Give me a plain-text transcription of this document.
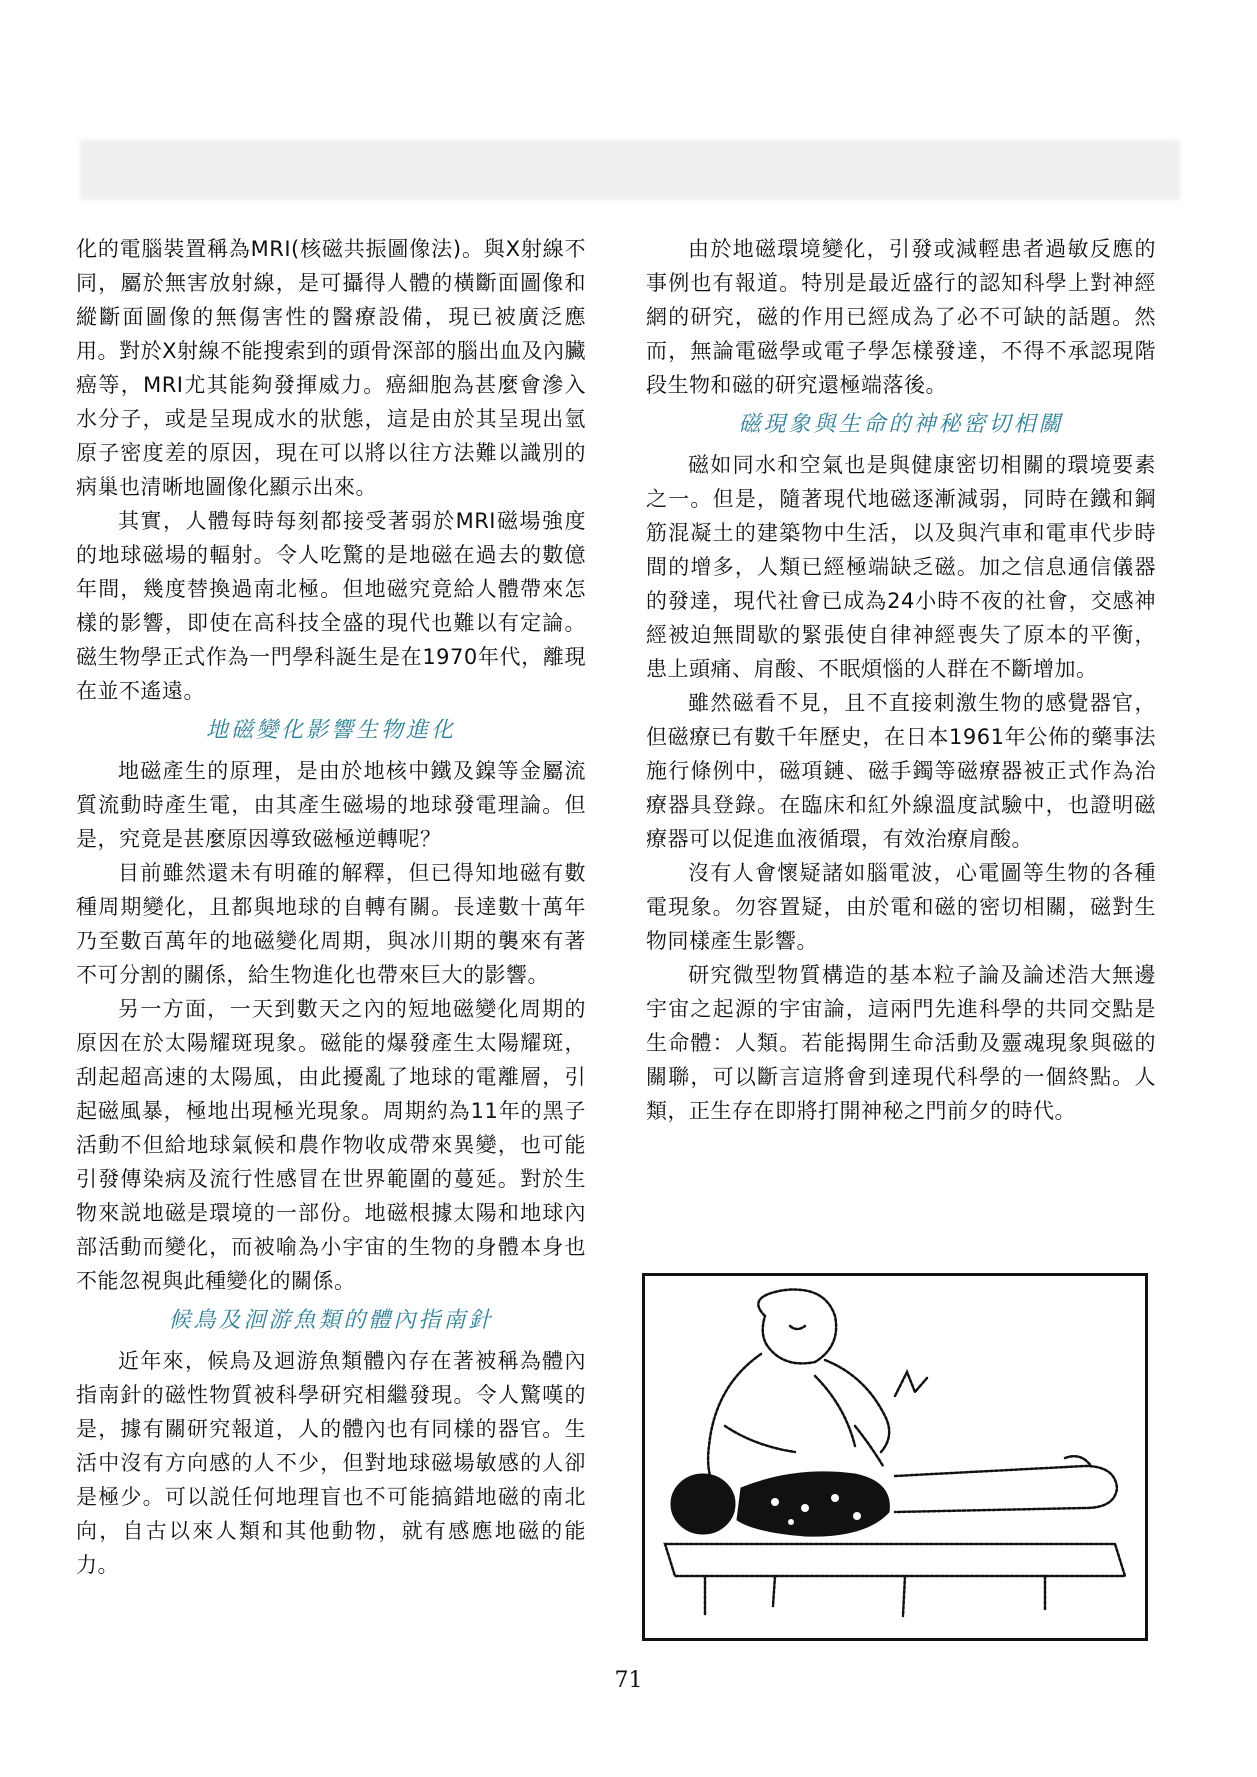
化的電腦裝置稱為MRI(核磁共振圖像法)。與X射線不同，屬於無害放射線，是可攝得人體的橫斷面圖像和縱斷面圖像的無傷害性的醫療設備，現已被廣泛應用。對於X射線不能搜索到的頭骨深部的腦出血及內臟癌等，MRI尤其能夠發揮威力。癌細胞為甚麼會滲入水分子，或是呈現成水的狀態，這是由於其呈現出氫原子密度差的原因，現在可以將以往方法難以識別的病巢也清晰地圖像化顯示出來。

其實，人體每時每刻都接受著弱於MRI磁場強度的地球磁場的輻射。令人吃驚的是地磁在過去的數億年間，幾度替換過南北極。但地磁究竟給人體帶來怎樣的影響，即使在高科技全盛的現代也難以有定論。磁生物學正式作為一門學科誕生是在1970年代，離現在並不遙遠。

地磁變化影響生物進化

地磁產生的原理，是由於地核中鐵及鎳等金屬流質流動時產生電，由其產生磁場的地球發電理論。但是，究竟是甚麼原因導致磁極逆轉呢？

目前雖然還未有明確的解釋，但已得知地磁有數種周期變化，且都與地球的自轉有關。長達數十萬年乃至數百萬年的地磁變化周期，與冰川期的襲來有著不可分割的關係，給生物進化也帶來巨大的影響。

另一方面，一天到數天之內的短地磁變化周期的原因在於太陽耀斑現象。磁能的爆發產生太陽耀斑，刮起超高速的太陽風，由此擾亂了地球的電離層，引起磁風暴，極地出現極光現象。周期約為11年的黑子活動不但給地球氣候和農作物收成帶來異變，也可能引發傳染病及流行性感冒在世界範圍的蔓延。對於生物來説地磁是環境的一部份。地磁根據太陽和地球內部活動而變化，而被喻為小宇宙的生物的身體本身也不能忽視與此種變化的關係。

候鳥及洄游魚類的體內指南針

近年來，候鳥及迴游魚類體內存在著被稱為體內指南針的磁性物質被科學研究相繼發現。令人驚嘆的是，據有關研究報道，人的體內也有同樣的器官。生活中沒有方向感的人不少，但對地球磁場敏感的人卻是極少。可以説任何地理盲也不可能搞錯地磁的南北向，自古以來人類和其他動物，就有感應地磁的能力。

由於地磁環境變化，引發或減輕患者過敏反應的事例也有報道。特別是最近盛行的認知科學上對神經網的研究，磁的作用已經成為了必不可缺的話題。然而，無論電磁學或電子學怎樣發達，不得不承認現階段生物和磁的研究還極端落後。

磁現象與生命的神秘密切相關

磁如同水和空氣也是與健康密切相關的環境要素之一。但是，隨著現代地磁逐漸減弱，同時在鐵和鋼筋混凝土的建築物中生活，以及與汽車和電車代步時間的增多，人類已經極端缺乏磁。加之信息通信儀器的發達，現代社會已成為24小時不夜的社會，交感神經被迫無間歇的緊張使自律神經喪失了原本的平衡，患上頭痛、肩酸、不眠煩惱的人群在不斷增加。

雖然磁看不見，且不直接刺激生物的感覺器官，但磁療已有數千年歷史，在日本1961年公佈的藥事法施行條例中，磁項鏈、磁手鐲等磁療器被正式作為治療器具登錄。在臨床和紅外線溫度試驗中，也證明磁療器可以促進血液循環，有效治療肩酸。

沒有人會懷疑諸如腦電波，心電圖等生物的各種電現象。勿容置疑，由於電和磁的密切相關，磁對生物同樣產生影響。

研究微型物質構造的基本粒子論及論述浩大無邊宇宙之起源的宇宙論，這兩門先進科學的共同交點是生命體：人類。若能揭開生命活動及靈魂現象與磁的關聯，可以斷言這將會到達現代科學的一個終點。人類，正生存在即將打開神秘之門前夕的時代。

71
